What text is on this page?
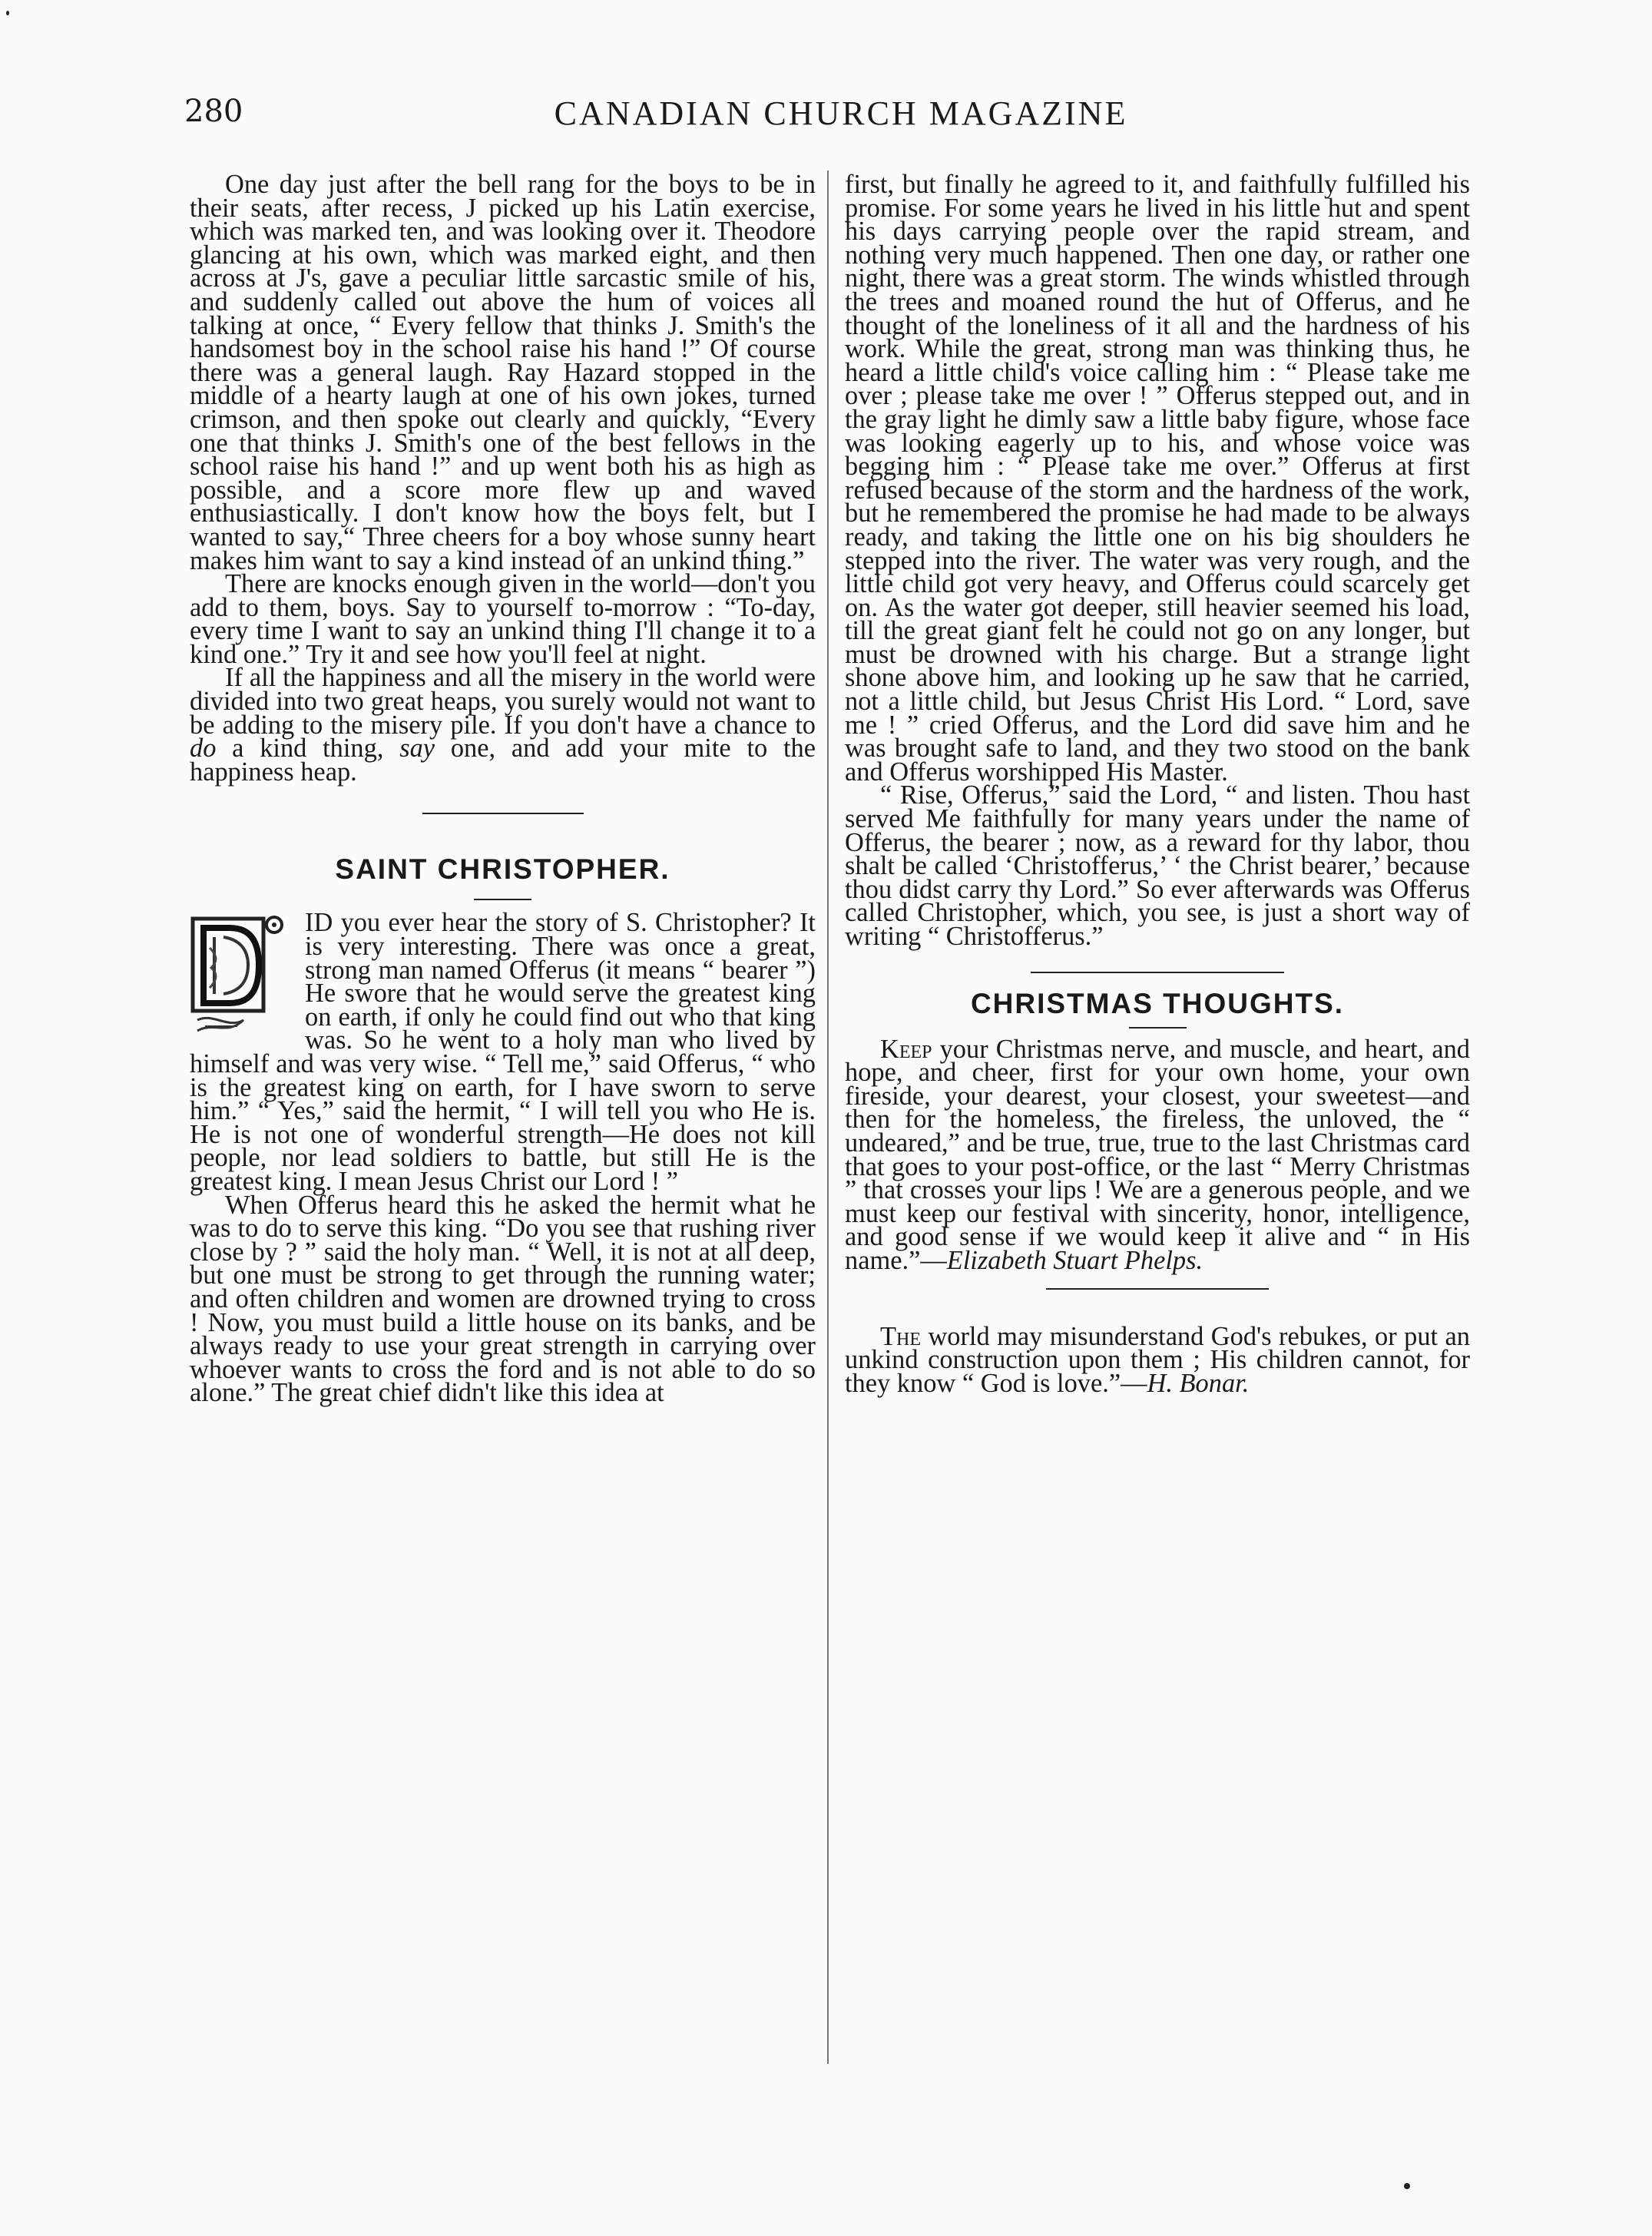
280	CANADIAN CHURCH MAGAZINE

One day just after the bell rang for the boys to be in their seats, after recess, J picked up his Latin exercise, which was marked ten, and was looking over it. Theodore glancing at his own, which was marked eight, and then across at J's, gave a peculiar little sarcastic smile of his, and suddenly called out above the hum of voices all talking at once, “ Every fellow that thinks J. Smith's the handsomest boy in the school raise his hand !” Of course there was a general laugh. Ray Hazard stopped in the middle of a hearty laugh at one of his own jokes, turned crimson, and then spoke out clearly and quickly, “Every one that thinks J. Smith's one of the best fellows in the school raise his hand !” and up went both his as high as possible, and a score more flew up and waved enthusiastically. I don't know how the boys felt, but I wanted to say,“ Three cheers for a boy whose sunny heart makes him want to say a kind instead of an unkind thing.”

There are knocks enough given in the world—don't you add to them, boys. Say to yourself to-morrow : “To-day, every time I want to say an unkind thing I'll change it to a kind one.” Try it and see how you'll feel at night.

If all the happiness and all the misery in the world were divided into two great heaps, you surely would not want to be adding to the misery pile. If you don't have a chance to do a kind thing, say one, and add your mite to the happiness heap.

SAINT CHRISTOPHER.

ID you ever hear the story of S. Christopher? It is very interesting. There was once a great, strong man named Offerus (it means “ bearer ”) He swore that he would serve the greatest king on earth, if only he could find out who that king was. So he went to a holy man who lived by himself and was very wise. “ Tell me,” said Offerus, “ who is the greatest king on earth, for I have sworn to serve him.” “ Yes,” said the hermit, “ I will tell you who He is. He is not one of wonderful strength—He does not kill people, nor lead soldiers to battle, but still He is the greatest king. I mean Jesus Christ our Lord ! ”

When Offerus heard this he asked the hermit what he was to do to serve this king. “Do you see that rushing river close by ? ” said the holy man. “ Well, it is not at all deep, but one must be strong to get through the running water; and often children and women are drowned trying to cross ! Now, you must build a little house on its banks, and be always ready to use your great strength in carrying over whoever wants to cross the ford and is not able to do so alone.” The great chief didn't like this idea at

first, but finally he agreed to it, and faithfully fulfilled his promise. For some years he lived in his little hut and spent his days carrying people over the rapid stream, and nothing very much happened. Then one day, or rather one night, there was a great storm. The winds whistled through the trees and moaned round the hut of Offerus, and he thought of the loneliness of it all and the hardness of his work. While the great, strong man was thinking thus, he heard a little child's voice calling him : “ Please take me over ; please take me over ! ” Offerus stepped out, and in the gray light he dimly saw a little baby figure, whose face was looking eagerly up to his, and whose voice was begging him : “ Please take me over.” Offerus at first refused because of the storm and the hardness of the work, but he remembered the promise he had made to be always ready, and taking the little one on his big shoulders he stepped into the river. The water was very rough, and the little child got very heavy, and Offerus could scarcely get on. As the water got deeper, still heavier seemed his load, till the great giant felt he could not go on any longer, but must be drowned with his charge. But a strange light shone above him, and looking up he saw that he carried, not a little child, but Jesus Christ His Lord. “ Lord, save me ! ” cried Offerus, and the Lord did save him and he was brought safe to land, and they two stood on the bank and Offerus worshipped His Master.

“ Rise, Offerus,” said the Lord, “ and listen. Thou hast served Me faithfully for many years under the name of Offerus, the bearer ; now, as a reward for thy labor, thou shalt be called ‘Christofferus,’ ‘ the Christ bearer,’ because thou didst carry thy Lord.” So ever afterwards was Offerus called Christopher, which, you see, is just a short way of writing “ Christofferus.”

CHRISTMAS THOUGHTS.

Keep your Christmas nerve, and muscle, and heart, and hope, and cheer, first for your own home, your own fireside, your dearest, your closest, your sweetest—and then for the homeless, the fireless, the unloved, the “ undeared,” and be true, true, true to the last Christmas card that goes to your post-office, or the last “ Merry Christmas ” that crosses your lips ! We are a generous people, and we must keep our festival with sincerity, honor, intelligence, and good sense if we would keep it alive and “ in His name.”—Elizabeth Stuart Phelps.

The world may misunderstand God's rebukes, or put an unkind construction upon them ; His children cannot, for they know “ God is love.”—H. Bonar.
